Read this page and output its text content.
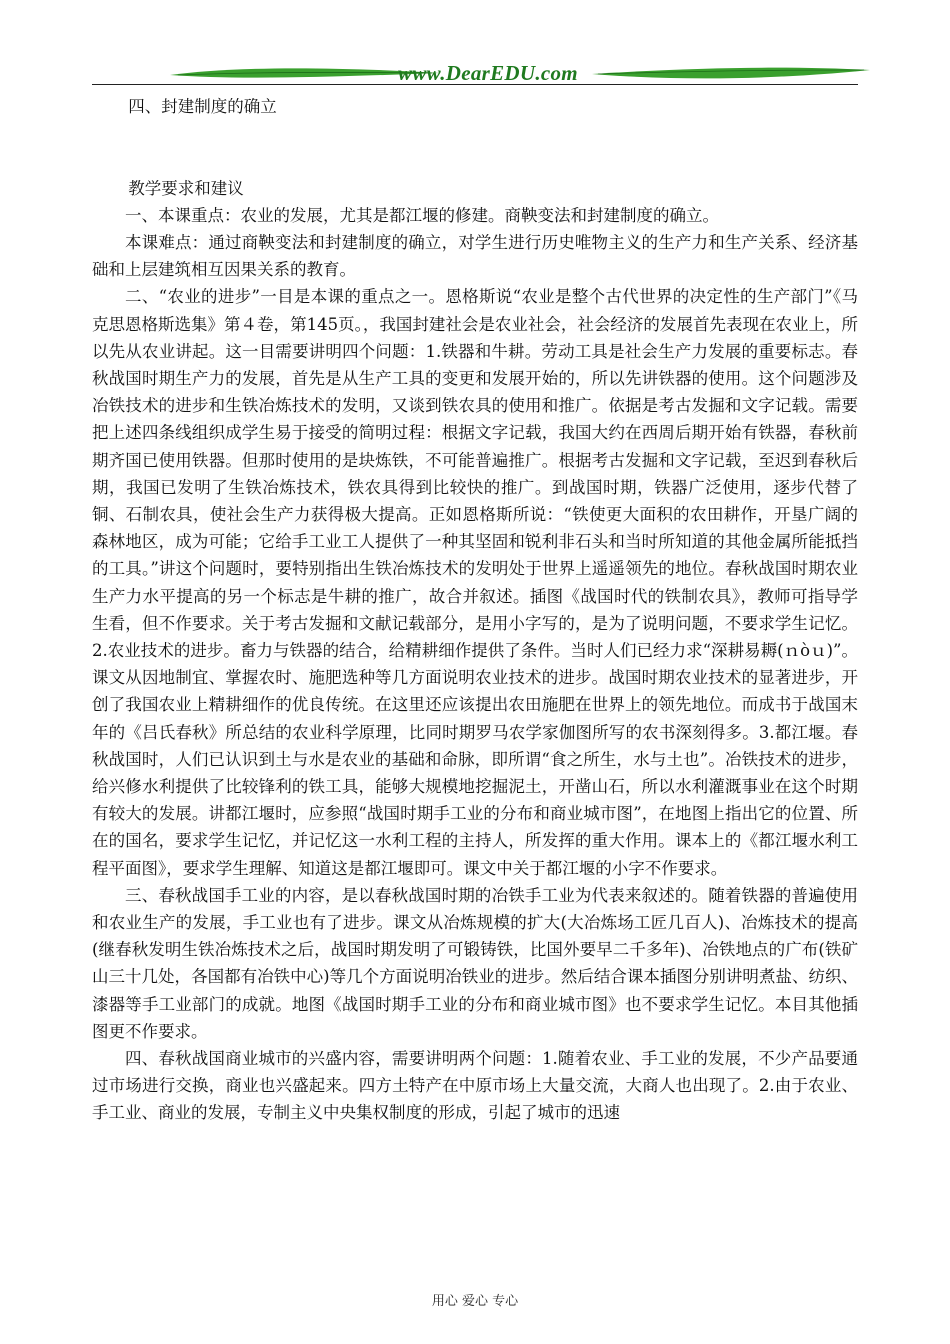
www.DearEDU.com

四、封建制度的确立

教学要求和建议

一、本课重点：农业的发展，尤其是都江堰的修建。商鞅变法和封建制度的确立。

本课难点：通过商鞅变法和封建制度的确立，对学生进行历史唯物主义的生产力和生产关系、经济基础和上层建筑相互因果关系的教育。

二、“农业的进步”一目是本课的重点之一。恩格斯说“农业是整个古代世界的决定性的生产部门”《马克思恩格斯选集》第４卷，第145页。，我国封建社会是农业社会，社会经济的发展首先表现在农业上，所以先从农业讲起。这一目需要讲明四个问题：1.铁器和牛耕。劳动工具是社会生产力发展的重要标志。春秋战国时期生产力的发展，首先是从生产工具的变更和发展开始的，所以先讲铁器的使用。这个问题涉及冶铁技术的进步和生铁冶炼技术的发明，又谈到铁农具的使用和推广。依据是考古发掘和文字记载。需要把上述四条线组织成学生易于接受的简明过程：根据文字记载，我国大约在西周后期开始有铁器，春秋前期齐国已使用铁器。但那时使用的是块炼铁，不可能普遍推广。根据考古发掘和文字记载，至迟到春秋后期，我国已发明了生铁冶炼技术，铁农具得到比较快的推广。到战国时期，铁器广泛使用，逐步代替了铜、石制农具，使社会生产力获得极大提高。正如恩格斯所说：“铁使更大面积的农田耕作，开垦广阔的森林地区，成为可能；它给手工业工人提供了一种其坚固和锐利非石头和当时所知道的其他金属所能抵挡的工具。”讲这个问题时，要特别指出生铁冶炼技术的发明处于世界上遥遥领先的地位。春秋战国时期农业生产力水平提高的另一个标志是牛耕的推广，故合并叙述。插图《战国时代的铁制农具》，教师可指导学生看，但不作要求。关于考古发掘和文献记载部分，是用小字写的，是为了说明问题，不要求学生记忆。2.农业技术的进步。畜力与铁器的结合，给精耕细作提供了条件。当时人们已经力求“深耕易耨(ｎòｕ)”。课文从因地制宜、掌握农时、施肥选种等几方面说明农业技术的进步。战国时期农业技术的显著进步，开创了我国农业上精耕细作的优良传统。在这里还应该提出农田施肥在世界上的领先地位。而成书于战国末年的《吕氏春秋》所总结的农业科学原理，比同时期罗马农学家伽图所写的农书深刻得多。3.都江堰。春秋战国时，人们已认识到土与水是农业的基础和命脉，即所谓“食之所生，水与土也”。冶铁技术的进步，给兴修水利提供了比较锋利的铁工具，能够大规模地挖掘泥土，开凿山石，所以水利灌溉事业在这个时期有较大的发展。讲都江堰时，应参照“战国时期手工业的分布和商业城市图”，在地图上指出它的位置、所在的国名，要求学生记忆，并记忆这一水利工程的主持人，所发挥的重大作用。课本上的《都江堰水利工程平面图》，要求学生理解、知道这是都江堰即可。课文中关于都江堰的小字不作要求。

三、春秋战国手工业的内容，是以春秋战国时期的冶铁手工业为代表来叙述的。随着铁器的普遍使用和农业生产的发展，手工业也有了进步。课文从冶炼规模的扩大(大冶炼场工匠几百人)、冶炼技术的提高(继春秋发明生铁冶炼技术之后，战国时期发明了可锻铸铁，比国外要早二千多年)、冶铁地点的广布(铁矿山三十几处，各国都有冶铁中心)等几个方面说明冶铁业的进步。然后结合课本插图分别讲明煮盐、纺织、漆器等手工业部门的成就。地图《战国时期手工业的分布和商业城市图》也不要求学生记忆。本目其他插图更不作要求。

四、春秋战国商业城市的兴盛内容，需要讲明两个问题：1.随着农业、手工业的发展，不少产品要通过市场进行交换，商业也兴盛起来。四方土特产在中原市场上大量交流，大商人也出现了。2.由于农业、手工业、商业的发展，专制主义中央集权制度的形成，引起了城市的迅速

用心 爱心 专心
